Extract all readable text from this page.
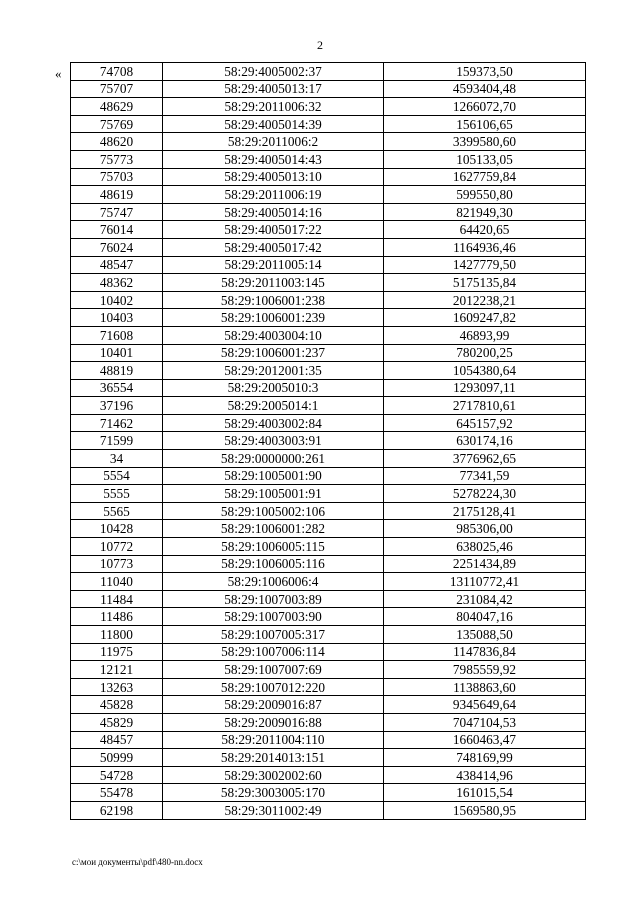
2
«	74708	58:29:4005002:37	159373,50
75707	58:29:4005013:17	4593404,48
48629	58:29:2011006:32	1266072,70
75769	58:29:4005014:39	156106,65
48620	58:29:2011006:2	3399580,60
75773	58:29:4005014:43	105133,05
75703	58:29:4005013:10	1627759,84
48619	58:29:2011006:19	599550,80
75747	58:29:4005014:16	821949,30
76014	58:29:4005017:22	64420,65
76024	58:29:4005017:42	1164936,46
48547	58:29:2011005:14	1427779,50
48362	58:29:2011003:145	5175135,84
10402	58:29:1006001:238	2012238,21
10403	58:29:1006001:239	1609247,82
71608	58:29:4003004:10	46893,99
10401	58:29:1006001:237	780200,25
48819	58:29:2012001:35	1054380,64
36554	58:29:2005010:3	1293097,11
37196	58:29:2005014:1	2717810,61
71462	58:29:4003002:84	645157,92
71599	58:29:4003003:91	630174,16
34	58:29:0000000:261	3776962,65
5554	58:29:1005001:90	77341,59
5555	58:29:1005001:91	5278224,30
5565	58:29:1005002:106	2175128,41
10428	58:29:1006001:282	985306,00
10772	58:29:1006005:115	638025,46
10773	58:29:1006005:116	2251434,89
11040	58:29:1006006:4	13110772,41
11484	58:29:1007003:89	231084,42
11486	58:29:1007003:90	804047,16
11800	58:29:1007005:317	135088,50
11975	58:29:1007006:114	1147836,84
12121	58:29:1007007:69	7985559,92
13263	58:29:1007012:220	1138863,60
45828	58:29:2009016:87	9345649,64
45829	58:29:2009016:88	7047104,53
48457	58:29:2011004:110	1660463,47
50999	58:29:2014013:151	748169,99
54728	58:29:3002002:60	438414,96
55478	58:29:3003005:170	161015,54
62198	58:29:3011002:49	1569580,95
c:\мои документы\pdf\480-nn.docx
